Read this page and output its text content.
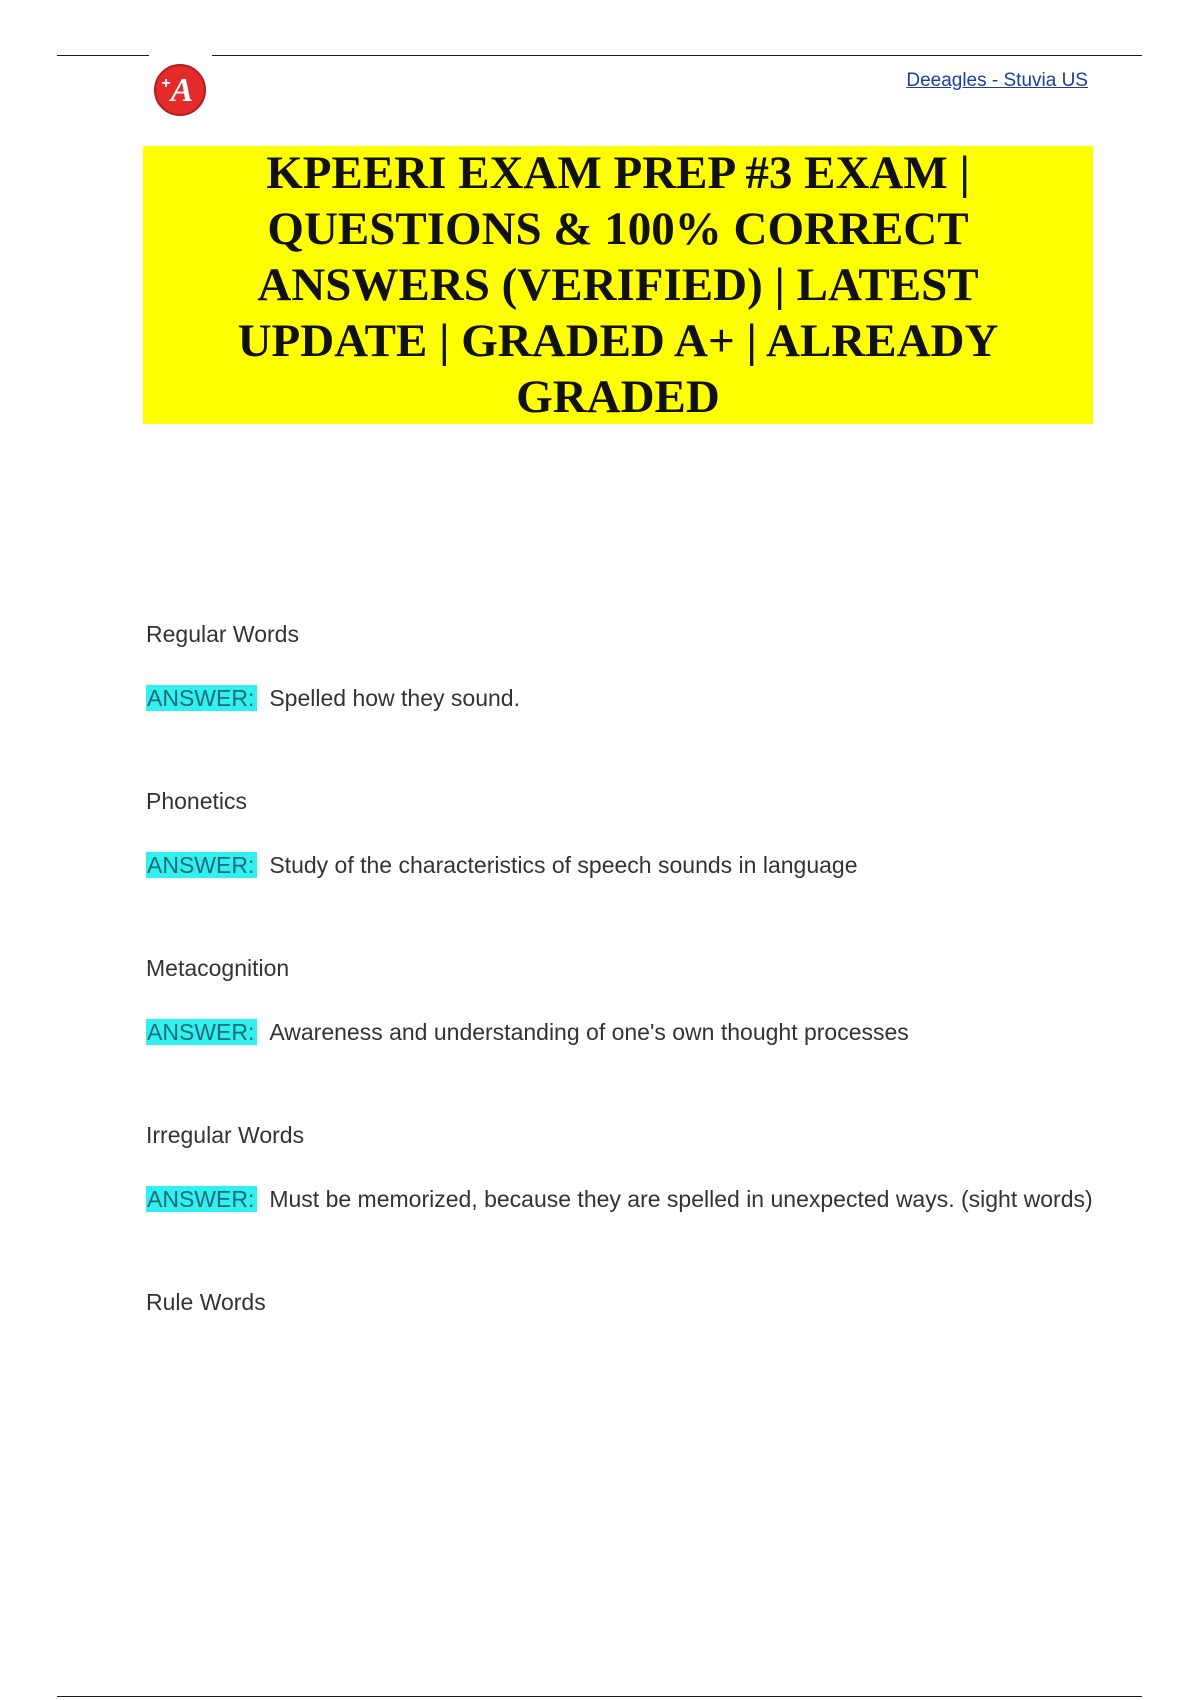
A
+	Deeagles - Stuvia US
KPEERI EXAM PREP #3 EXAM | QUESTIONS & 100% CORRECT ANSWERS (VERIFIED) | LATEST UPDATE | GRADED A+ | ALREADY GRADED
Regular Words

ANSWER: Spelled how they sound.

Phonetics

ANSWER: Study of the characteristics of speech sounds in language

Metacognition

ANSWER: Awareness and understanding of one's own thought processes

Irregular Words

ANSWER: Must be memorized, because they are spelled in unexpected ways. (sight words)

Rule Words
